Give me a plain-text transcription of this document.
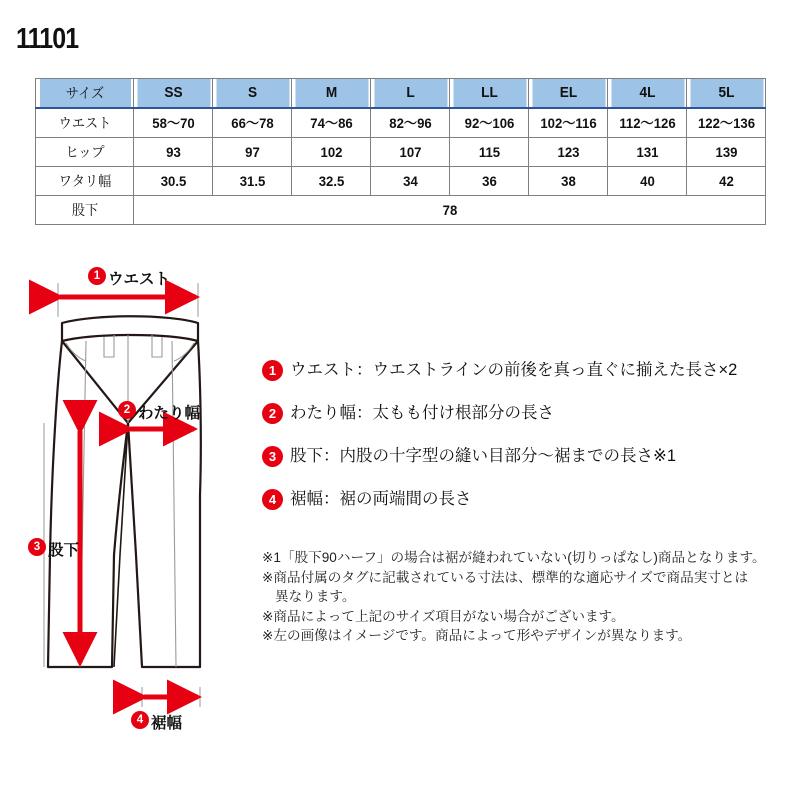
11101
サイズ	SS	S	M	L	LL	EL	4L	5L
ウエスト	58〜70	66〜78	74〜86	82〜96	92〜106	102〜116	112〜126	122〜136
ヒップ	93	97	102	107	115	123	131	139
ワタリ幅	30.5	31.5	32.5	34	36	38	40	42
股下	78							
1 ウエスト
2 わたり幅
3 股下
4 裾幅
1 ウエスト：ウエストラインの前後を真っ直ぐに揃えた長さ×2
2 わたり幅：太もも付け根部分の長さ
3 股下：内股の十字型の縫い目部分〜裾までの長さ ※1
4 裾幅：裾の両端間の長さ
※1「股下90ハーフ」の場合は裾が縫われていない(切りっぱなし)商品となります。
※商品付属のタグに記載されている寸法は、標準的な適応サイズで商品実寸とは
異なります。
※商品によって上記のサイズ項目がない場合がございます。
※左の画像はイメージです。商品によって形やデザインが異なります。
